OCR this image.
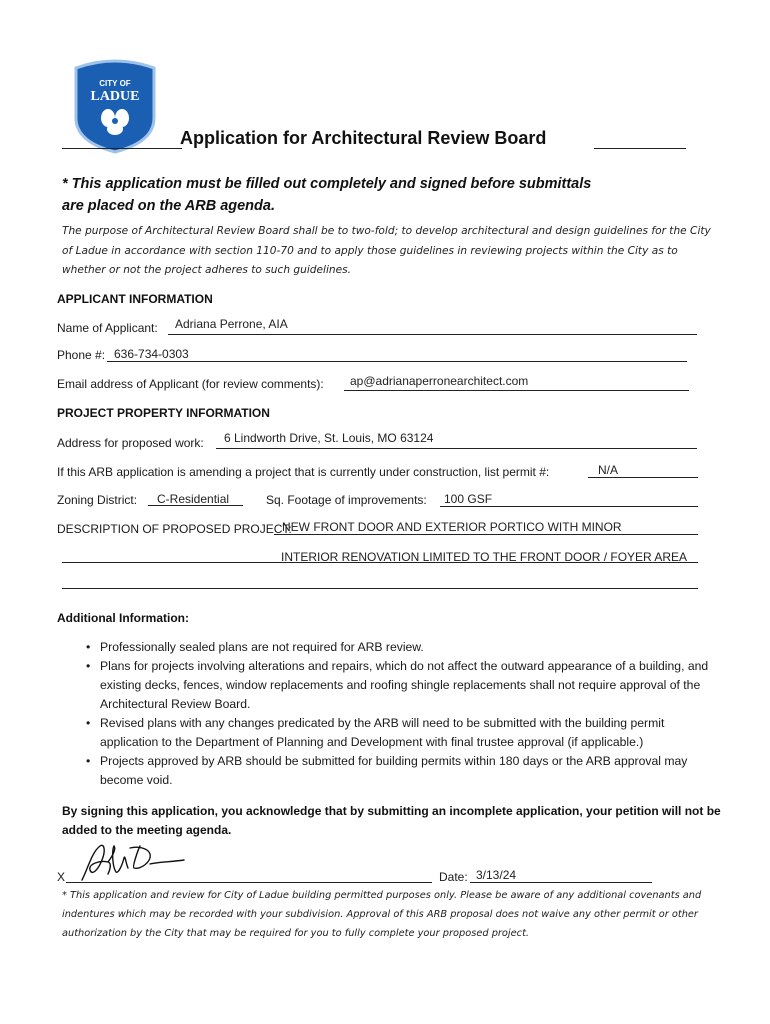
CITY OF
LADUE
Application for Architectural Review Board
* This application must be filled out completely and signed before submittals
are placed on the ARB agenda.
The purpose of Architectural Review Board shall be to two-fold; to develop architectural and design guidelines for the City of Ladue in accordance with section 110-70 and to apply those guidelines in reviewing projects within the City as to whether or not the project adheres to such guidelines.
APPLICANT INFORMATION
Name of Applicant: Adriana Perrone, AIA
Phone #: 636-734-0303
Email address of Applicant (for review comments): ap@adrianaperronearchitect.com
PROJECT PROPERTY INFORMATION
Address for proposed work: 6 Lindworth Drive, St. Louis, MO 63124
If this ARB application is amending a project that is currently under construction, list permit #:	N/A
Zoning District: C-Residential	Sq. Footage of improvements: 100 GSF
DESCRIPTION OF PROPOSED PROJECT:
NEW FRONT DOOR AND EXTERIOR PORTICO WITH MINOR
INTERIOR RENOVATION LIMITED TO THE FRONT DOOR / FOYER AREA
Additional Information:
• Professionally sealed plans are not required for ARB review.
• Plans for projects involving alterations and repairs, which do not affect the outward appearance of a building, and existing decks, fences, window replacements and roofing shingle replacements shall not require approval of the Architectural Review Board.
• Revised plans with any changes predicated by the ARB will need to be submitted with the building permit application to the Department of Planning and Development with final trustee approval (if applicable.)
• Projects approved by ARB should be submitted for building permits within 180 days or the ARB approval may become void.
By signing this application, you acknowledge that by submitting an incomplete application, your petition will not be added to the meeting agenda.
X	Date: 3/13/24
* This application and review for City of Ladue building permitted purposes only. Please be aware of any additional covenants and indentures which may be recorded with your subdivision. Approval of this ARB proposal does not waive any other permit or other authorization by the City that may be required for you to fully complete your proposed project.
